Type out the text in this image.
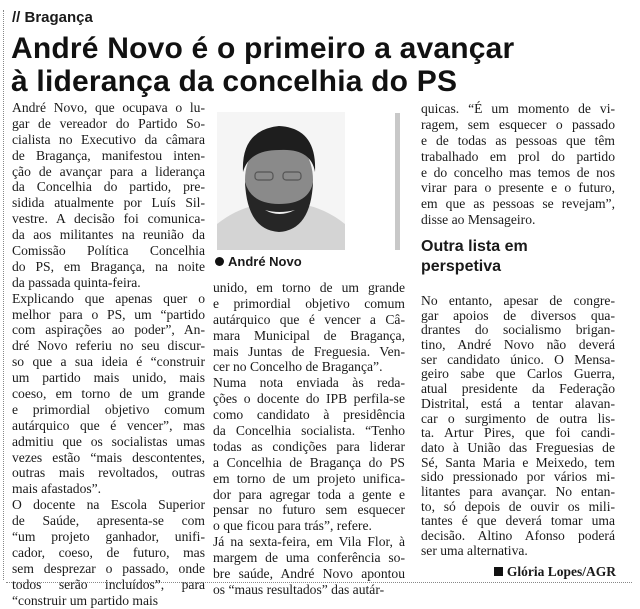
// Bragança
André Novo é o primeiro a avançar
à liderança da concelhia do PS
André Novo, que ocupava o lu-
gar de vereador do Partido So-
cialista no Executivo da câmara
de Bragança, manifestou inten-
ção de avançar para a liderança
da Concelhia do partido, pre-
sidida atualmente por Luís Sil-
vestre. A decisão foi comunica-
da aos militantes na reunião da
Comissão Política Concelhia
do PS, em Bragança, na noite
da passada quinta-feira.
Explicando que apenas quer o
melhor para o PS, um “partido
com aspirações ao poder”, An-
dré Novo referiu no seu discur-
so que a sua ideia é “construir
um partido mais unido, mais
coeso, em torno de um grande
e primordial objetivo comum
autárquico que é vencer”, mas
admitiu que os socialistas umas
vezes estão “mais descontentes,
outras mais revoltados, outras
mais afastados”.
O docente na Escola Superior
de Saúde, apresenta-se com
“um projeto ganhador, unifi-
cador, coeso, de futuro, mas
sem desprezar o passado, onde
todos serão incluídos”, para
“construir um partido mais
André Novo
unido, em torno de um grande
e primordial objetivo comum
autárquico que é vencer a Câ-
mara Municipal de Bragança,
mais Juntas de Freguesia. Ven-
cer no Concelho de Bragança”.
Numa nota enviada às reda-
ções o docente do IPB perfila-se
como candidato à presidência
da Concelhia socialista. “Tenho
todas as condições para liderar
a Concelhia de Bragança do PS
em torno de um projeto unifica-
dor para agregar toda a gente e
pensar no futuro sem esquecer
o que ficou para trás”, refere.
Já na sexta-feira, em Vila Flor, à
margem de uma conferência so-
bre saúde, André Novo apontou
os “maus resultados” das autár-
quicas. “É um momento de vi-
ragem, sem esquecer o passado
e de todas as pessoas que têm
trabalhado em prol do partido
e do concelho mas temos de nos
virar para o presente e o futuro,
em que as pessoas se revejam”,
disse ao Mensageiro.
Outra lista em
perspetiva
No entanto, apesar de congre-
gar apoios de diversos qua-
drantes do socialismo brigan-
tino, André Novo não deverá
ser candidato único. O Mensa-
geiro sabe que Carlos Guerra,
atual presidente da Federação
Distrital, está a tentar alavan-
car o surgimento de outra lis-
ta. Artur Pires, que foi candi-
dato à União das Freguesias de
Sé, Santa Maria e Meixedo, tem
sido pressionado por vários mi-
litantes para avançar. No entan-
to, só depois de ouvir os mili-
tantes é que deverá tomar uma
decisão. Altino Afonso poderá
ser uma alternativa.
Glória Lopes/AGR
